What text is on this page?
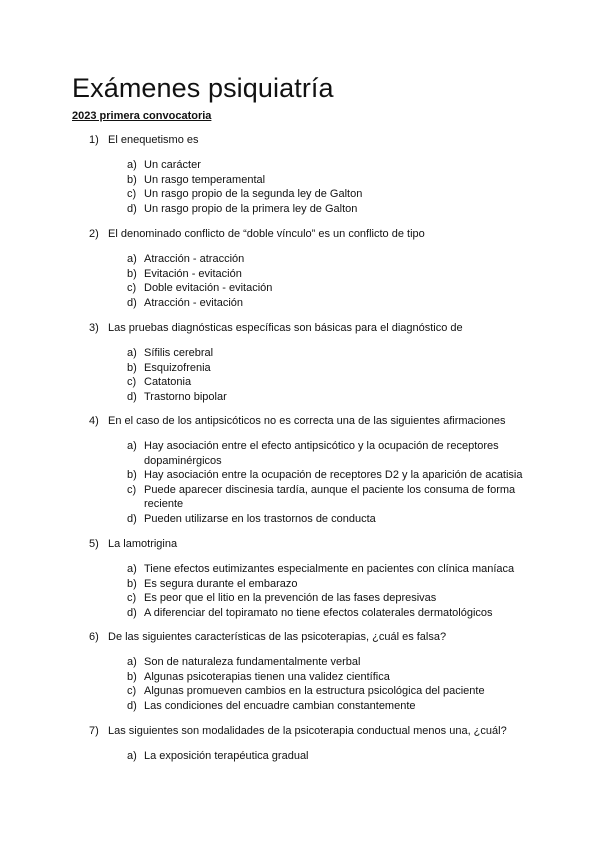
Exámenes psiquiatría

2023 primera convocatoria

1) El enequetismo es
a) Un carácter
b) Un rasgo temperamental
c) Un rasgo propio de la segunda ley de Galton
d) Un rasgo propio de la primera ley de Galton
2) El denominado conflicto de “doble vínculo” es un conflicto de tipo
a) Atracción - atracción
b) Evitación - evitación
c) Doble evitación - evitación
d) Atracción - evitación
3) Las pruebas diagnósticas específicas son básicas para el diagnóstico de
a) Sífilis cerebral
b) Esquizofrenia
c) Catatonia
d) Trastorno bipolar
4) En el caso de los antipsicóticos no es correcta una de las siguientes afirmaciones
a) Hay asociación entre el efecto antipsicótico y la ocupación de receptores dopaminérgicos
b) Hay asociación entre la ocupación de receptores D2 y la aparición de acatisia
c) Puede aparecer discinesia tardía, aunque el paciente los consuma de forma reciente
d) Pueden utilizarse en los trastornos de conducta
5) La lamotrigina
a) Tiene efectos eutimizantes especialmente en pacientes con clínica maníaca
b) Es segura durante el embarazo
c) Es peor que el litio en la prevención de las fases depresivas
d) A diferenciar del topiramato no tiene efectos colaterales dermatológicos
6) De las siguientes características de las psicoterapias, ¿cuál es falsa?
a) Son de naturaleza fundamentalmente verbal
b) Algunas psicoterapias tienen una validez científica
c) Algunas promueven cambios en la estructura psicológica del paciente
d) Las condiciones del encuadre cambian constantemente
7) Las siguientes son modalidades de la psicoterapia conductual menos una, ¿cuál?
a) La exposición terapéutica gradual
